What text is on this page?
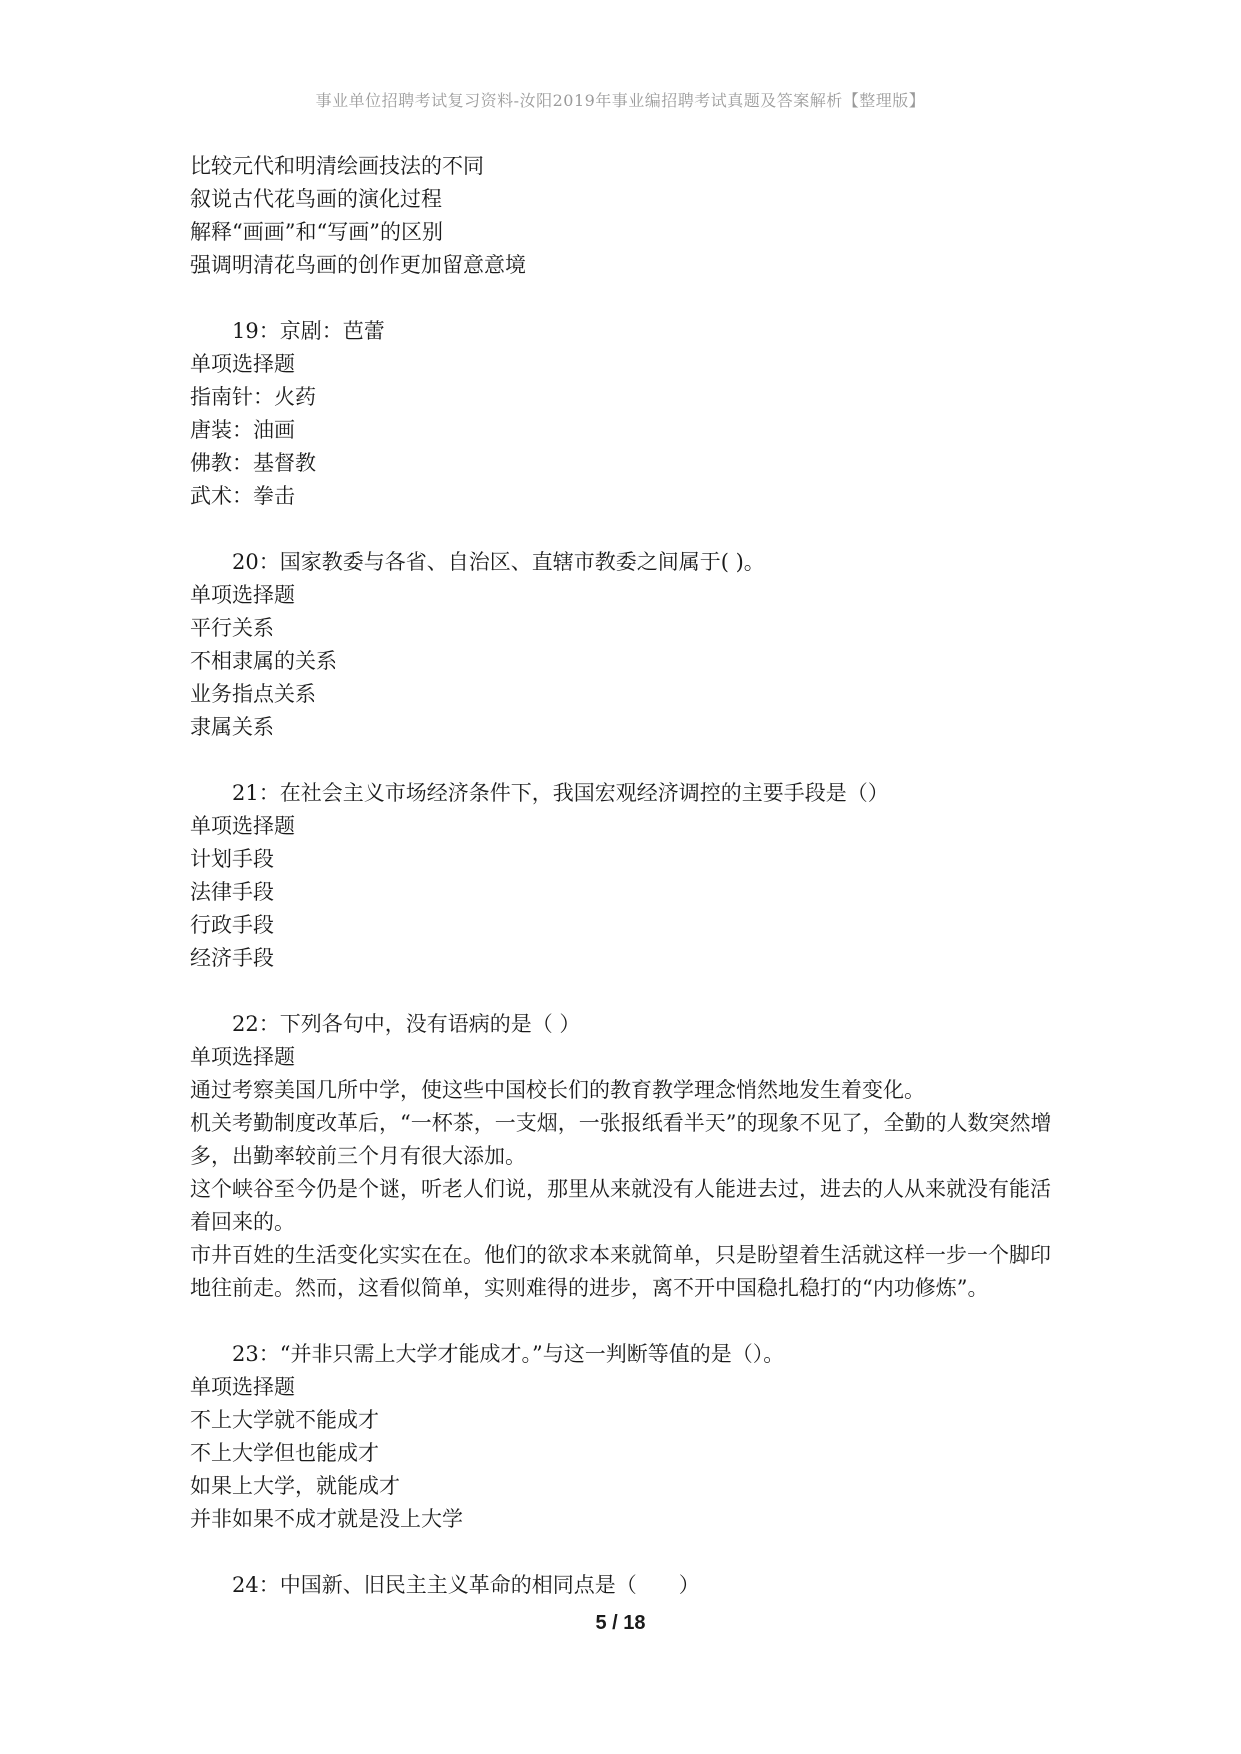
事业单位招聘考试复习资料-汝阳2019年事业编招聘考试真题及答案解析【整理版】
比较元代和明清绘画技法的不同
叙说古代花鸟画的演化过程
解释“画画”和“写画”的区别
强调明清花鸟画的创作更加留意意境
19：京剧：芭蕾
单项选择题
指南针：火药
唐装：油画
佛教：基督教
武术：拳击
20：国家教委与各省、自治区、直辖市教委之间属于( )。
单项选择题
平行关系
不相隶属的关系
业务指点关系
隶属关系
21：在社会主义市场经济条件下，我国宏观经济调控的主要手段是（）
单项选择题
计划手段
法律手段
行政手段
经济手段
22：下列各句中，没有语病的是（ ）
单项选择题
通过考察美国几所中学，使这些中国校长们的教育教学理念悄然地发生着变化。
机关考勤制度改革后，“一杯茶，一支烟，一张报纸看半天”的现象不见了，全勤的人数突然增多，出勤率较前三个月有很大添加。
这个峡谷至今仍是个谜，听老人们说，那里从来就没有人能进去过，进去的人从来就没有能活着回来的。
市井百姓的生活变化实实在在。他们的欲求本来就简单，只是盼望着生活就这样一步一个脚印地往前走。然而，这看似简单，实则难得的进步，离不开中国稳扎稳打的“内功修炼”。
23：“并非只需上大学才能成才。”与这一判断等值的是（）。
单项选择题
不上大学就不能成才
不上大学但也能成才
如果上大学，就能成才
并非如果不成才就是没上大学
24：中国新、旧民主主义革命的相同点是（　　）
5 / 18
